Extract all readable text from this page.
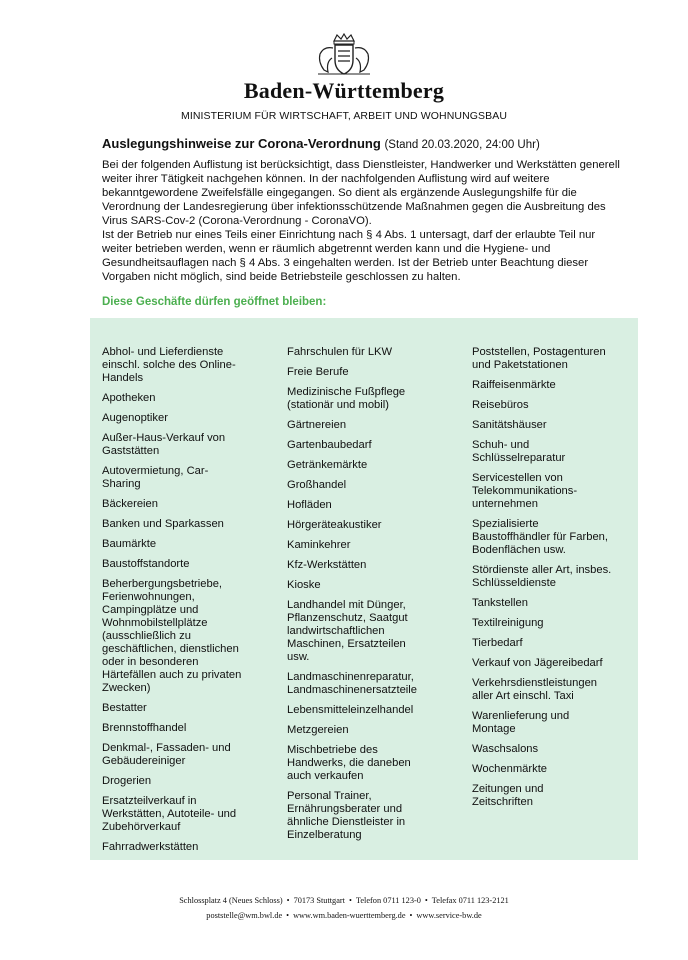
Baden-Württemberg
MINISTERIUM FÜR WIRTSCHAFT, ARBEIT UND WOHNUNGSBAU
Auslegungshinweise zur Corona-Verordnung (Stand 20.03.2020, 24:00 Uhr)

Bei der folgenden Auflistung ist berücksichtigt, dass Dienstleister, Handwerker und Werkstätten generell weiter ihrer Tätigkeit nachgehen können. In der nachfolgenden Auflistung wird auf weitere bekanntgewordene Zweifelsfälle eingegangen. So dient als ergänzende Auslegungshilfe für die Verordnung der Landesregierung über infektionsschützende Maßnahmen gegen die Ausbreitung des Virus SARS-Cov-2 (Corona-Verordnung - CoronaVO).

Ist der Betrieb nur eines Teils einer Einrichtung nach § 4 Abs. 1 untersagt, darf der erlaubte Teil nur weiter betrieben werden, wenn er räumlich abgetrennt werden kann und die Hygiene- und Gesundheitsauflagen nach § 4 Abs. 3 eingehalten werden. Ist der Betrieb unter Beachtung dieser Vorgaben nicht möglich, sind beide Betriebsteile geschlossen zu halten.

Diese Geschäfte dürfen geöffnet bleiben:
Abhol- und Lieferdienste
einschl. solche des Online-
Handels
Apotheken
Augenoptiker
Außer-Haus-Verkauf von
Gaststätten
Autovermietung, Car-
Sharing
Bäckereien
Banken und Sparkassen
Baumärkte
Baustoffstandorte
Beherbergungsbetriebe,
Ferienwohnungen,
Campingplätze und
Wohnmobilstellplätze
(ausschließlich zu
geschäftlichen, dienstlichen
oder in besonderen
Härtefällen auch zu privaten
Zwecken)
Bestatter
Brennstoffhandel
Denkmal-, Fassaden- und
Gebäudereiniger
Drogerien
Ersatzteilverkauf in
Werkstätten, Autoteile- und
Zubehörverkauf
Fahrradwerkstätten
Fahrschulen für LKW
Freie Berufe
Medizinische Fußpflege
(stationär und mobil)
Gärtnereien
Gartenbaubedarf
Getränkemärkte
Großhandel
Hofläden
Hörgeräteakustiker
Kaminkehrer
Kfz-Werkstätten
Kioske
Landhandel mit Dünger,
Pflanzenschutz, Saatgut
landwirtschaftlichen
Maschinen, Ersatzteilen
usw.
Landmaschinenreparatur,
Landmaschinenersatzteile
Lebensmitteleinzelhandel
Metzgereien
Mischbetriebe des
Handwerks, die daneben
auch verkaufen
Personal Trainer,
Ernährungsberater und
ähnliche Dienstleister in
Einzelberatung
Poststellen, Postagenturen
und Paketstationen
Raiffeisenmärkte
Reisebüros
Sanitätshäuser
Schuh- und
Schlüsselreparatur
Servicestellen von
Telekommunikations-
unternehmen
Spezialisierte
Baustoffhändler für Farben,
Bodenflächen usw.
Stördienste aller Art, insbes.
Schlüsseldienste
Tankstellen
Textilreinigung
Tierbedarf
Verkauf von Jägereibedarf
Verkehrsdienstleistungen
aller Art einschl. Taxi
Warenlieferung und
Montage
Waschsalons
Wochenmärkte
Zeitungen und
Zeitschriften
Schlossplatz 4 (Neues Schloss) • 70173 Stuttgart • Telefon 0711 123-0 • Telefax 0711 123-2121
poststelle@wm.bwl.de • www.wm.baden-wuerttemberg.de • www.service-bw.de
